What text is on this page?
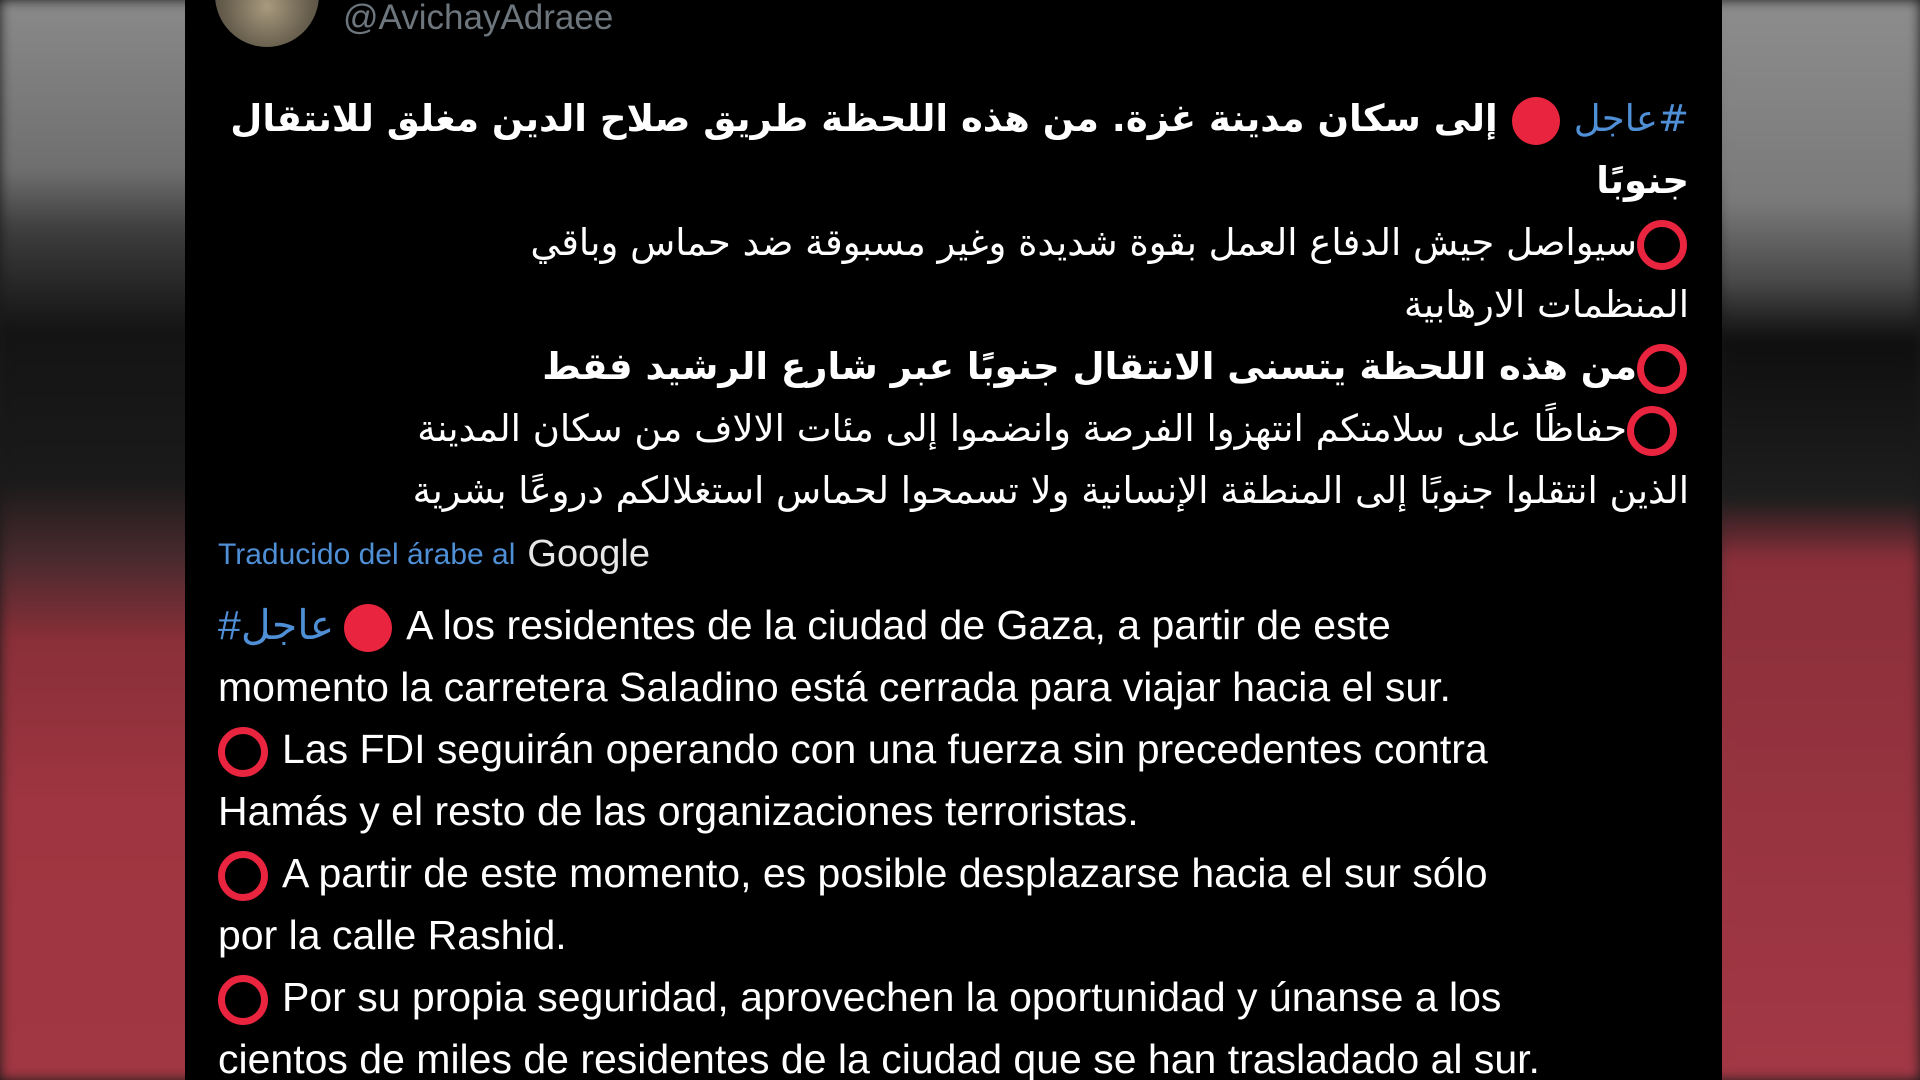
@AvichayAdraee
#عاجلإلى سكان مدينة غزة. من هذه اللحظة طريق صلاح الدين مغلق للانتقال
جنوبًا
سيواصل جيش الدفاع العمل بقوة شديدة وغير مسبوقة ضد حماس وباقي
المنظمات الارهابية
من هذه اللحظة يتسنى الانتقال جنوبًا عبر شارع الرشيد فقط
حفاظًا على سلامتكم انتهزوا الفرصة وانضموا إلى مئات الالاف من سكان المدينة
الذين انتقلوا جنوبًا إلى المنطقة الإنسانية ولا تسمحوا لحماس استغلالكم دروعًا بشرية
Traducido del árabe al Google
#عاجل A los residentes de la ciudad de Gaza, a partir de este
momento la carretera Saladino está cerrada para viajar hacia el sur.
Las FDI seguirán operando con una fuerza sin precedentes contra
Hamás y el resto de las organizaciones terroristas.
A partir de este momento, es posible desplazarse hacia el sur sólo
por la calle Rashid.
Por su propia seguridad, aprovechen la oportunidad y únanse a los
cientos de miles de residentes de la ciudad que se han trasladado al sur.
